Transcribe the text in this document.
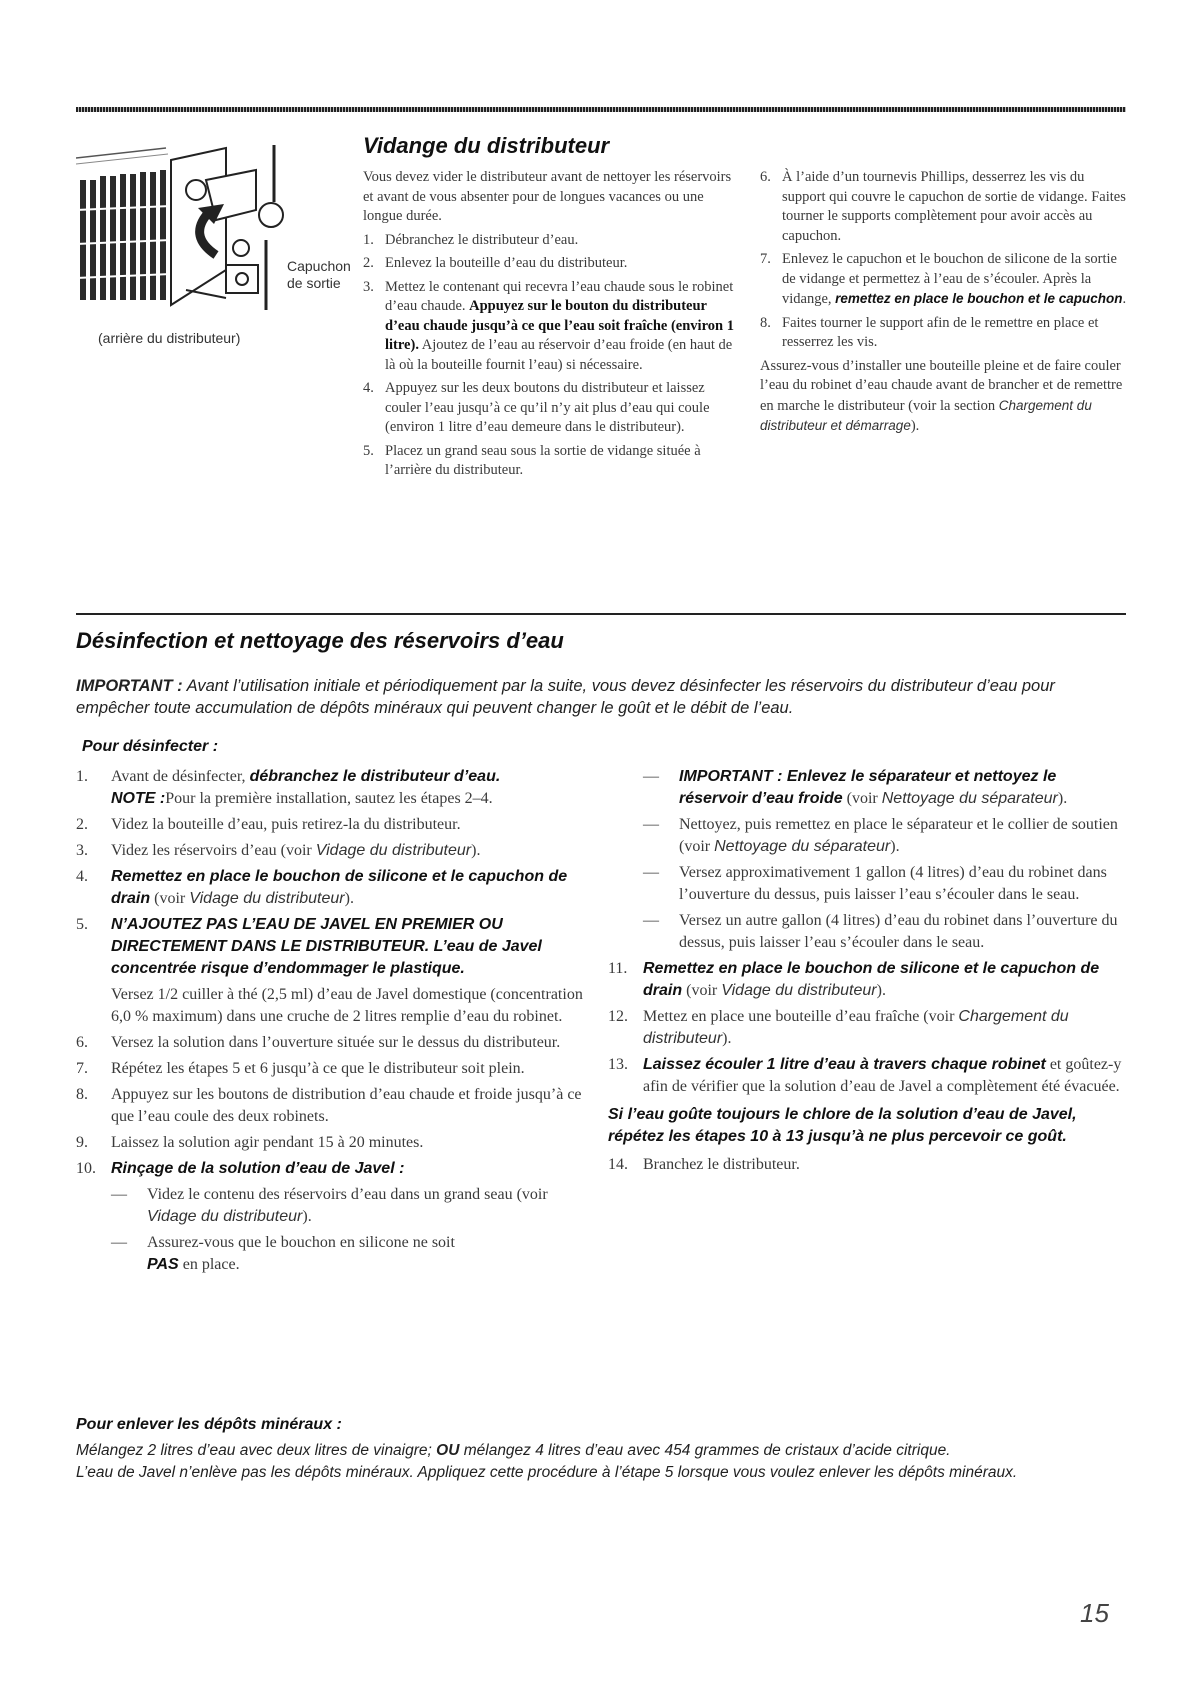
Capuchon
de sortie
(arrière du distributeur)
Vidange du distributeur

Vous devez vider le distributeur avant de nettoyer les réservoirs et avant de vous absenter pour de longues vacances ou une longue durée.

1. Débranchez le distributeur d’eau.
2. Enlevez la bouteille d’eau du distributeur.
3. Mettez le contenant qui recevra l’eau chaude sous le robinet d’eau chaude. Appuyez sur le bouton du distributeur d’eau chaude jusqu’à ce que l’eau soit fraîche (environ 1 litre). Ajoutez de l’eau au réservoir d’eau froide (en haut de là où la bouteille fournit l’eau) si nécessaire.
4. Appuyez sur les deux boutons du distributeur et laissez couler l’eau jusqu’à ce qu’il n’y ait plus d’eau qui coule (environ 1 litre d’eau demeure dans le distributeur).
5. Placez un grand seau sous la sortie de vidange située à l’arrière du distributeur.
6. À l’aide d’un tournevis Phillips, desserrez les vis du support qui couvre le capuchon de sortie de vidange. Faites tourner le supports complètement pour avoir accès au capuchon.
7. Enlevez le capuchon et le bouchon de silicone de la sortie de vidange et permettez à l’eau de s’écouler. Après la vidange, remettez en place le bouchon et le capuchon.
8. Faites tourner le support afin de le remettre en place et resserrez les vis.

Assurez-vous d’installer une bouteille pleine et de faire couler l’eau du robinet d’eau chaude avant de brancher et de remettre en marche le distributeur (voir la section Chargement du distributeur et démarrage).

Désinfection et nettoyage des réservoirs d’eau
IMPORTANT : Avant l’utilisation initiale et périodiquement par la suite, vous devez désinfecter les réservoirs du distributeur d’eau pour empêcher toute accumulation de dépôts minéraux qui peuvent changer le goût et le débit de l’eau.
Pour désinfecter :
1.	Avant de désinfecter, débranchez le distributeur d’eau.
NOTE :Pour la première installation, sautez les étapes 2–4.
2.	Videz la bouteille d’eau, puis retirez-la du distributeur.
3.	Videz les réservoirs d’eau (voir Vidage du distributeur).
4.	Remettez en place le bouchon de silicone et le capuchon de drain (voir Vidage du distributeur).
5.	N’AJOUTEZ PAS L’EAU DE JAVEL EN PREMIER OU DIRECTEMENT DANS LE DISTRIBUTEUR. L’eau de Javel concentrée risque d’endommager le plastique.

Versez 1/2 cuiller à thé (2,5 ml) d’eau de Javel domestique (concentration 6,0 % maximum) dans une cruche de 2 litres remplie d’eau du robinet.
6.	Versez la solution dans l’ouverture située sur le dessus du distributeur.
7.	Répétez les étapes 5 et 6 jusqu’à ce que le distributeur soit plein.
8.	Appuyez sur les boutons de distribution d’eau chaude et froide jusqu’à ce que l’eau coule des deux robinets.
9.	Laissez la solution agir pendant 15 à 20 minutes.
10. Rinçage de la solution d’eau de Javel :
—	Videz le contenu des réservoirs d’eau dans un grand seau (voir Vidage du distributeur).
—	Assurez-vous que le bouchon en silicone ne soit
PAS en place.
—	IMPORTANT : Enlevez le séparateur et nettoyez le réservoir d’eau froide (voir Nettoyage du séparateur).
—	Nettoyez, puis remettez en place le séparateur et le collier de soutien (voir Nettoyage du séparateur).
—	Versez approximativement 1 gallon (4 litres) d’eau du robinet dans l’ouverture du dessus, puis laisser l’eau s’écouler dans le seau.
—	Versez un autre gallon (4 litres) d’eau du robinet dans l’ouverture du dessus, puis laisser l’eau s’écouler dans le seau.
11. Remettez en place le bouchon de silicone et le capuchon de drain (voir Vidage du distributeur).
12. Mettez en place une bouteille d’eau fraîche (voir Chargement du distributeur).
13. Laissez écouler 1 litre d’eau à travers chaque robinet et goûtez-y afin de vérifier que la solution d’eau de Javel a complètement été évacuée.

Si l’eau goûte toujours le chlore de la solution d’eau de Javel, répétez les étapes 10 à 13 jusqu’à ne plus percevoir ce goût.

14. Branchez le distributeur.
Pour enlever les dépôts minéraux :
Mélangez 2 litres d’eau avec deux litres de vinaigre; OU mélangez 4 litres d’eau avec 454 grammes de cristaux d’acide citrique.
L’eau de Javel n’enlève pas les dépôts minéraux. Appliquez cette procédure à l’étape 5 lorsque vous voulez enlever les dépôts minéraux.
15
